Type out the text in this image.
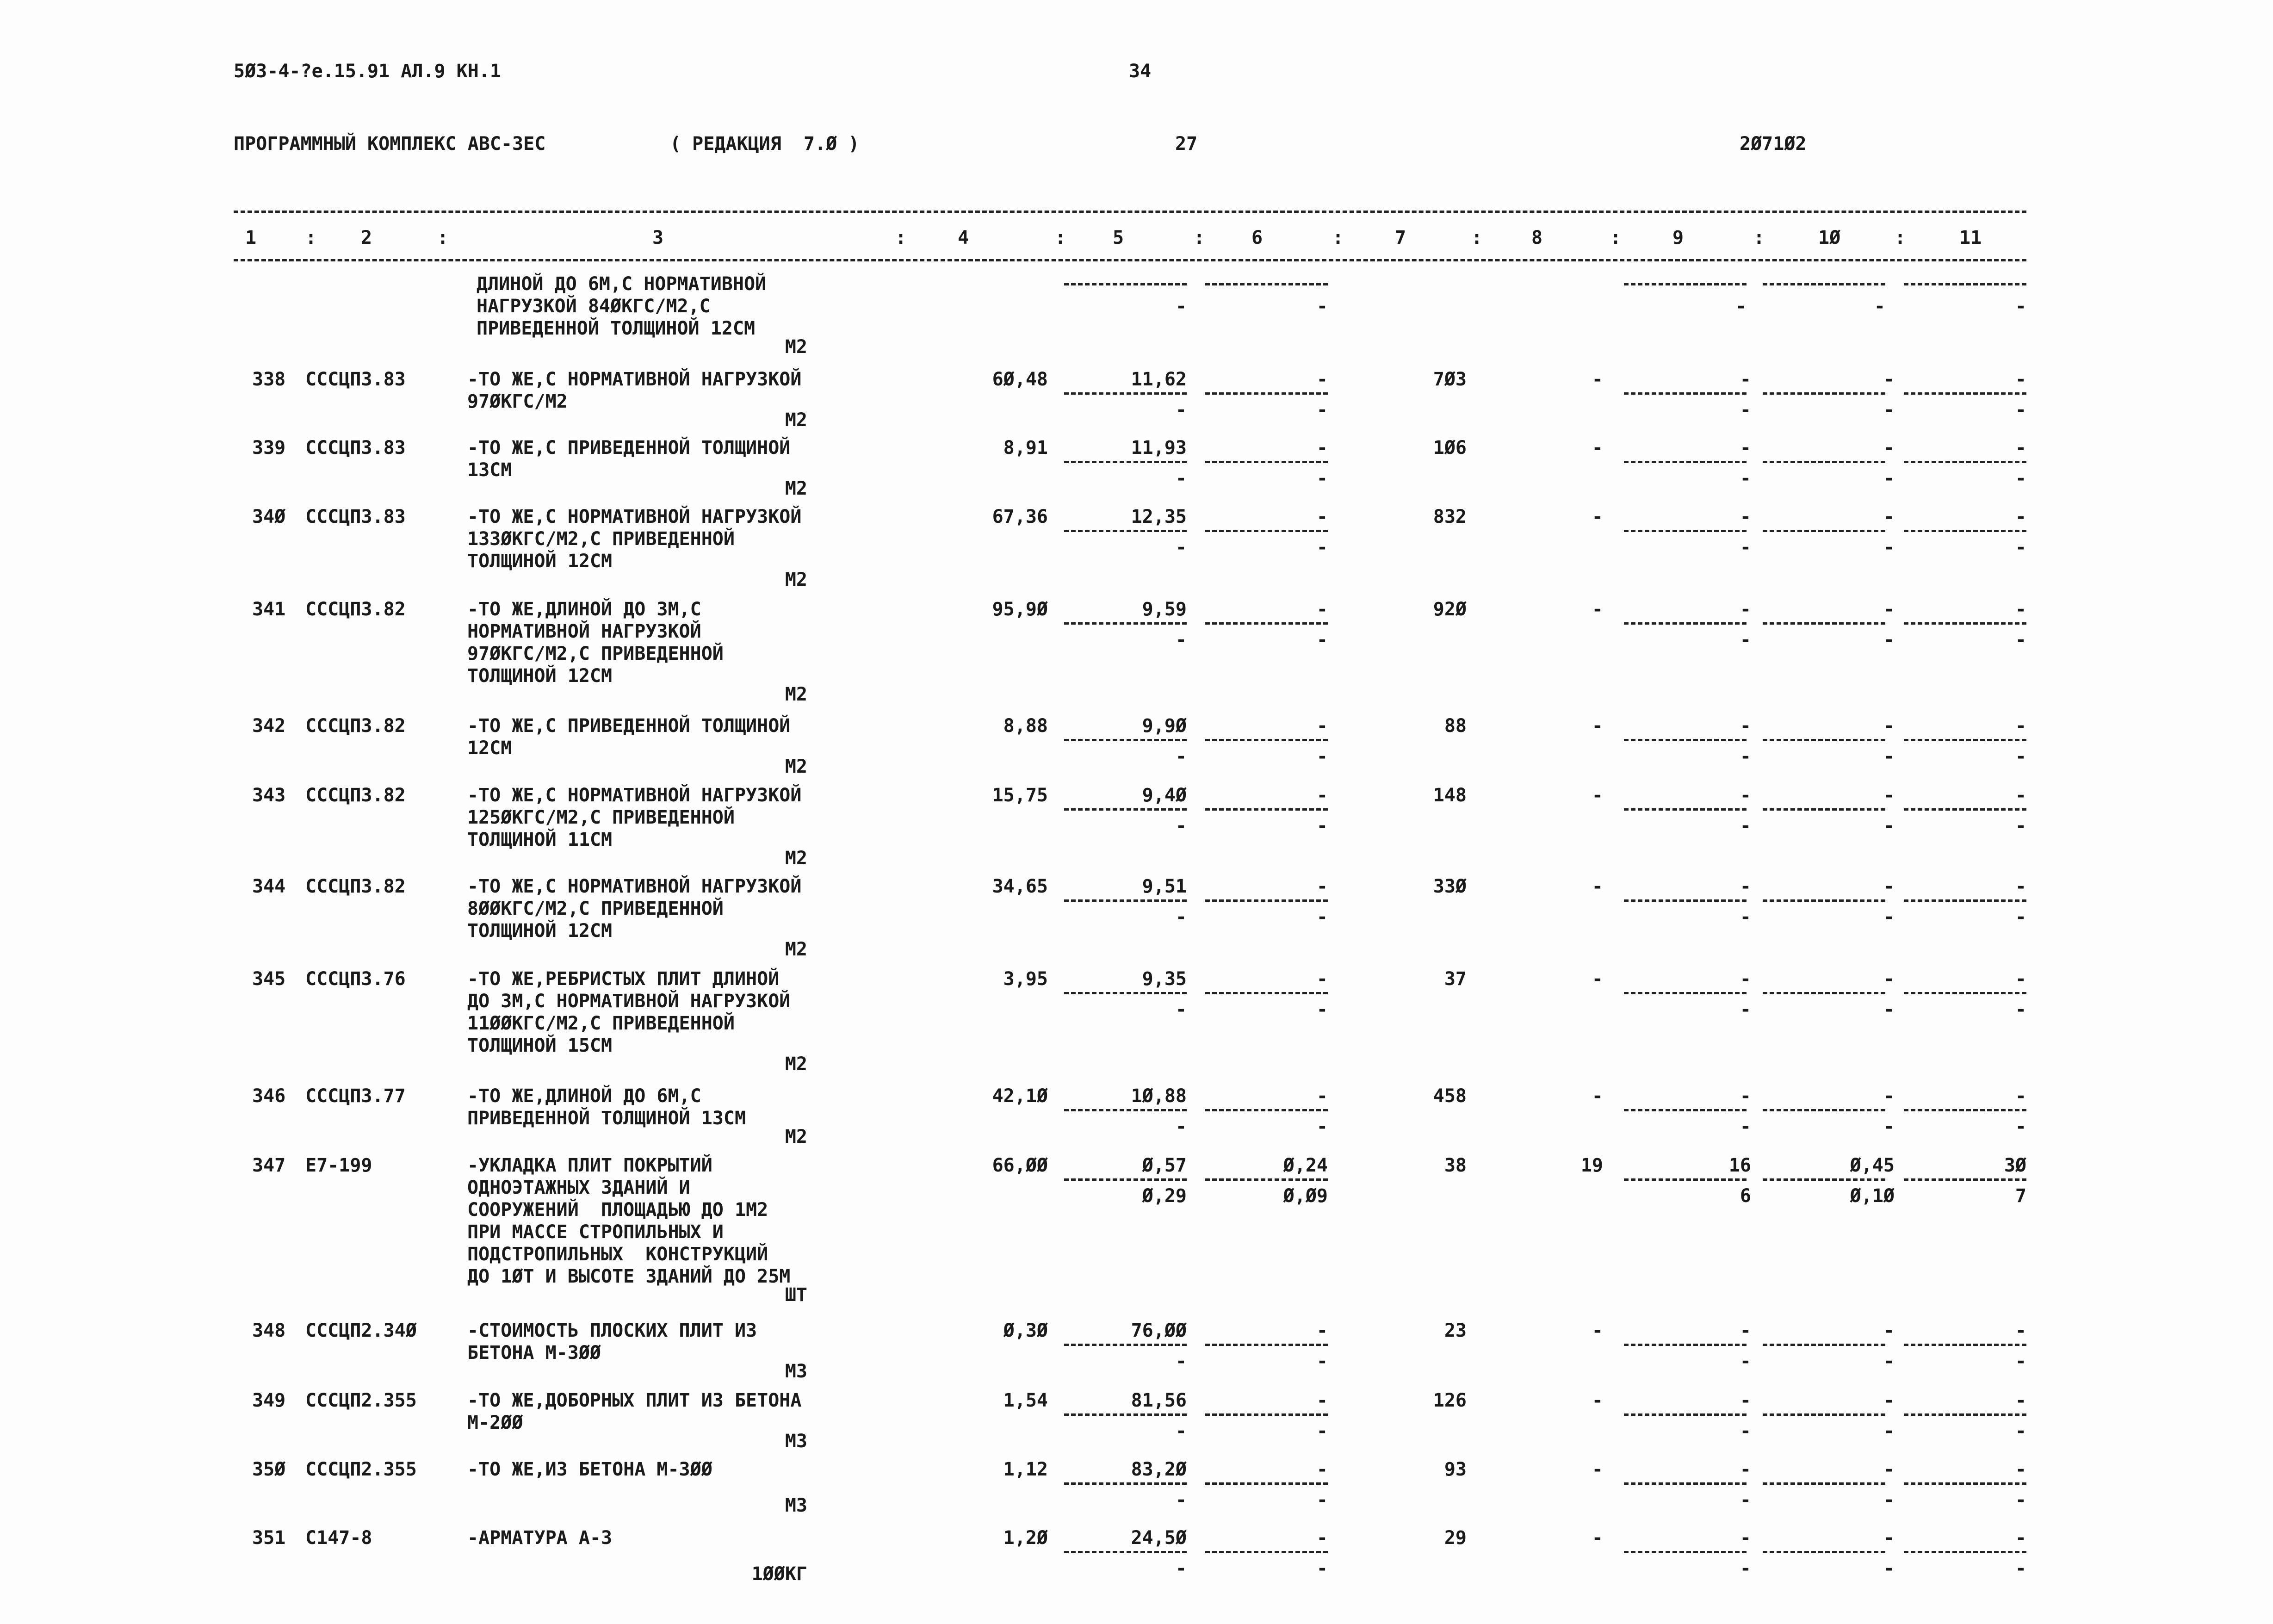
5Ø3-4-?e.15.91 АЛ.9 КН.1	34
ПРОГРАММНЫЙ КОМПЛЕКС АВС-3ЕС	( РЕДАКЦИЯ  7.Ø )	27	2Ø71Ø2
1	2	3	4	5	6	7	8	9	1Ø	11
:	:	:	:	:	:	:	:	:	:
ДЛИНОЙ ДО 6М,С НОРМАТИВНОЙ
НАГРУЗКОЙ 84ØКГС/М2,С
ПРИВЕДЕННОЙ ТОЛЩИНОЙ 12СМ
-	-	-	-	-
М2
338 СССЦП3.83	-ТО ЖЕ,С НОРМАТИВНОЙ НАГРУЗКОЙ
97ØКГС/М2
6Ø,48	11,62	-	7Ø3	-	-	-	-
-	-	-	-	-
М2
339 СССЦП3.83	-ТО ЖЕ,С ПРИВЕДЕННОЙ ТОЛЩИНОЙ
13СМ
8,91	11,93	-	1Ø6	-	-	-	-
-	-	-	-	-
М2
34Ø СССЦП3.83	-ТО ЖЕ,С НОРМАТИВНОЙ НАГРУЗКОЙ
133ØКГС/М2,С ПРИВЕДЕННОЙ
ТОЛЩИНОЙ 12СМ
67,36	12,35	-	832	-	-	-	-
-	-	-	-	-
М2
341 СССЦП3.82	-ТО ЖЕ,ДЛИНОЙ ДО 3М,С
НОРМАТИВНОЙ НАГРУЗКОЙ
97ØКГС/М2,С ПРИВЕДЕННОЙ
ТОЛЩИНОЙ 12СМ
95,9Ø	9,59	-	92Ø	-	-	-	-
-	-	-	-	-
М2
342 СССЦП3.82	-ТО ЖЕ,С ПРИВЕДЕННОЙ ТОЛЩИНОЙ
12СМ
8,88	9,9Ø	-	88	-	-	-	-
-	-	-	-	-
М2
343 СССЦП3.82	-ТО ЖЕ,С НОРМАТИВНОЙ НАГРУЗКОЙ
125ØКГС/М2,С ПРИВЕДЕННОЙ
ТОЛЩИНОЙ 11СМ
15,75	9,4Ø	-	148	-	-	-	-
-	-	-	-	-
М2
344 СССЦП3.82	-ТО ЖЕ,С НОРМАТИВНОЙ НАГРУЗКОЙ
8ØØКГС/М2,С ПРИВЕДЕННОЙ
ТОЛЩИНОЙ 12СМ
34,65	9,51	-	33Ø	-	-	-	-
-	-	-	-	-
М2
345 СССЦП3.76	-ТО ЖЕ,РЕБРИСТЫХ ПЛИТ ДЛИНОЙ
ДО 3М,С НОРМАТИВНОЙ НАГРУЗКОЙ
11ØØКГС/М2,С ПРИВЕДЕННОЙ
ТОЛЩИНОЙ 15СМ
3,95	9,35	-	37	-	-	-	-
-	-	-	-	-
М2
346 СССЦП3.77	-ТО ЖЕ,ДЛИНОЙ ДО 6М,С
ПРИВЕДЕННОЙ ТОЛЩИНОЙ 13СМ
42,1Ø	1Ø,88	-	458	-	-	-	-
-	-	-	-	-
М2
347 Е7-199	-УКЛАДКА ПЛИТ ПОКРЫТИЙ
ОДНОЭТАЖНЫХ ЗДАНИЙ И
СООРУЖЕНИЙ  ПЛОЩАДЬЮ ДО 1М2
ПРИ МАССЕ СТРОПИЛЬНЫХ И
ПОДСТРОПИЛЬНЫХ  КОНСТРУКЦИЙ
ДО 1ØТ И ВЫСОТЕ ЗДАНИЙ ДО 25М
66,ØØ	Ø,57	Ø,24	38	19	16	Ø,45	3Ø
Ø,29	Ø,Ø9	6	Ø,1Ø	7
ШТ
348 СССЦП2.34Ø	-СТОИМОСТЬ ПЛОСКИХ ПЛИТ ИЗ
БЕТОНА М-3ØØ
Ø,3Ø	76,ØØ	-	23	-	-	-	-
-	-	-	-	-
М3
349 СССЦП2.355	-ТО ЖЕ,ДОБОРНЫХ ПЛИТ ИЗ БЕТОНА
М-2ØØ
1,54	81,56	-	126	-	-	-	-
-	-	-	-	-
М3
35Ø СССЦП2.355	-ТО ЖЕ,ИЗ БЕТОНА М-3ØØ	1,12	83,2Ø	-	93	-	-	-	-
-	-	-	-	-
М3
351 С147-8	-АРМАТУРА А-3	1,2Ø	24,5Ø	-	29	-	-	-	-
-	-	-	-	-
1ØØКГ
